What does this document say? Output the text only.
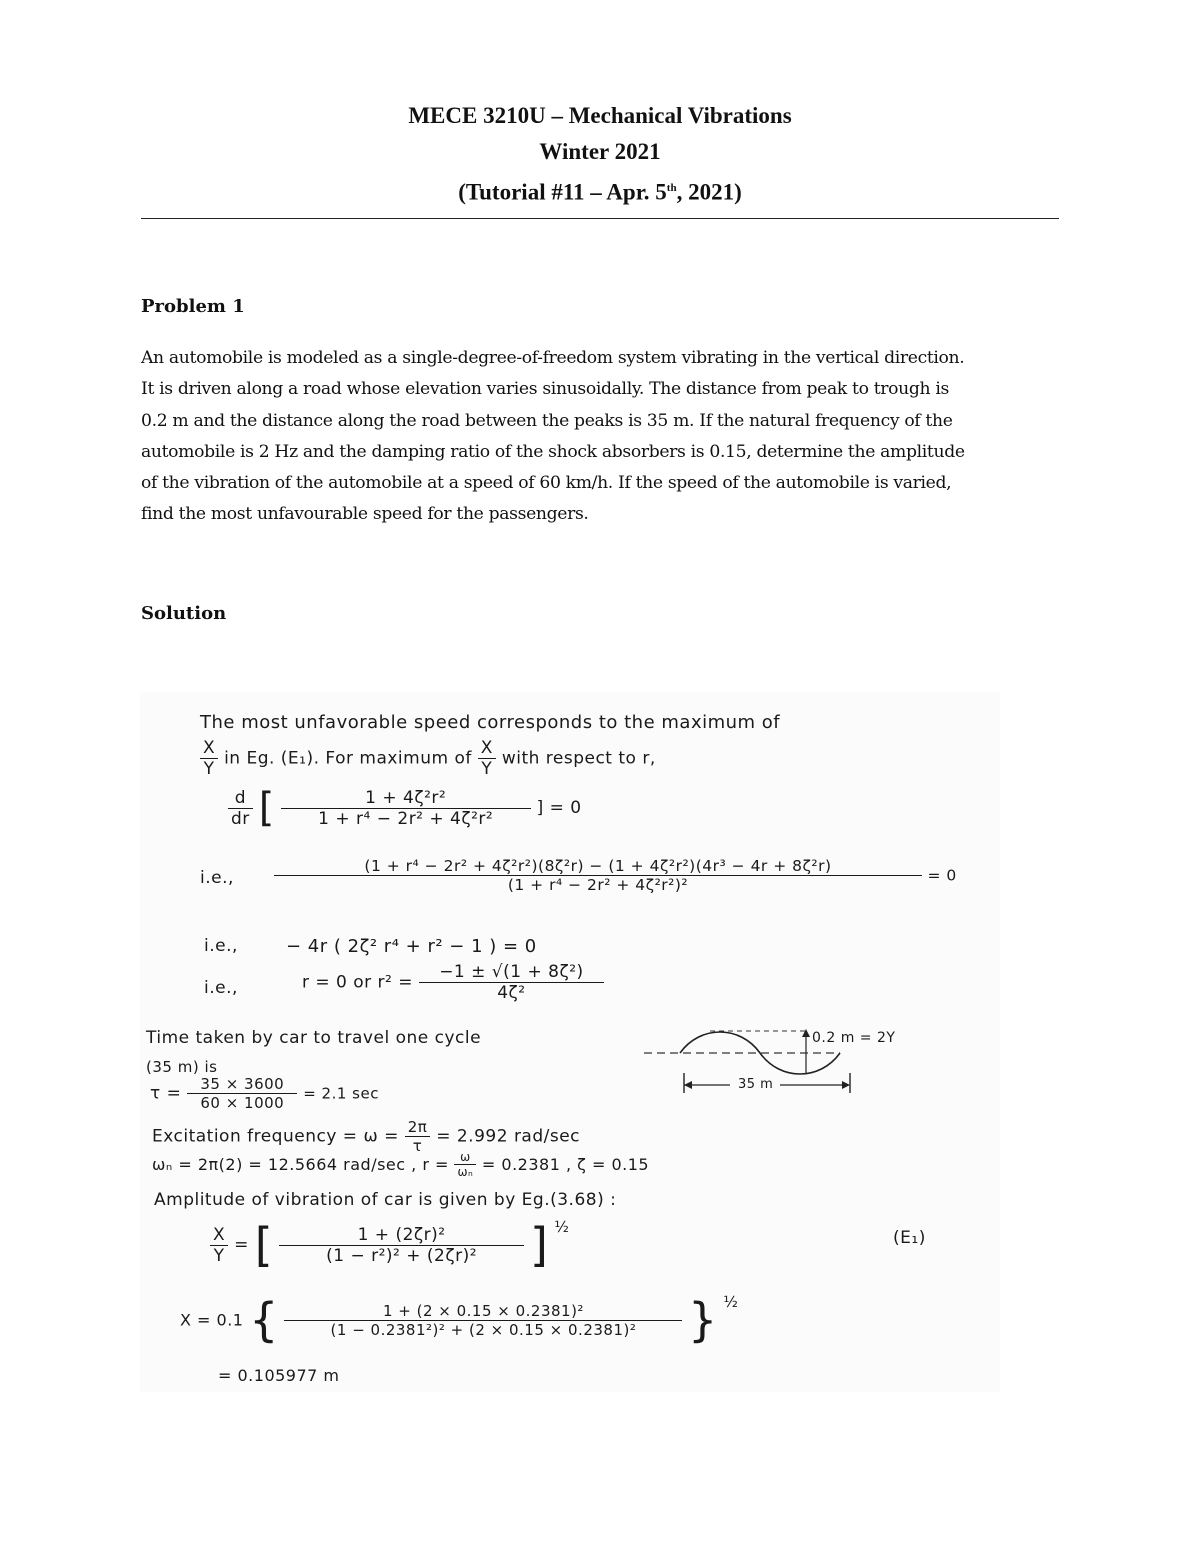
MECE 3210U – Mechanical Vibrations
Winter 2021
(Tutorial #11 – Apr. 5th, 2021)
Problem 1
An automobile is modeled as a single-degree-of-freedom system vibrating in the vertical direction.
It is driven along a road whose elevation varies sinusoidally. The distance from peak to trough is
0.2 m and the distance along the road between the peaks is 35 m. If the natural frequency of the
automobile is 2 Hz and the damping ratio of the shock absorbers is 0.15, determine the amplitude
of the vibration of the automobile at a speed of 60 km/h. If the speed of the automobile is varied,
find the most unfavourable speed for the passengers.
Solution
The most unfavorable speed corresponds to the maximum of
$\frac{X}{Y}$ in Eg. (E₁). For maximum of $\frac{X}{Y}$ with respect to r,
$\frac{d}{dr}$ [ $\frac{\text{1 + 4ζ²r²}}{\text{1 + r⁴ − 2r² + 4ζ²r²}}$ ] = 0
i.e.,	$\frac{\text{(1 + r⁴ − 2r² + 4ζ²r²)(8ζ²r) − (1 + 4ζ²r²)(4r³ − 4r + 8ζ²r)}}{\text{(1 + r⁴ − 2r² + 4ζ²r²)²}} = 0$
i.e.,	− 4r ( 2ζ² r⁴ + r² − 1 ) = 0
i.e.,	r = 0 or $r^2 = \frac{\text{−1 ± √(1 + 8ζ²)}}{\text{4ζ²}}$
Time taken by car to travel one cycle
(35 m) is
$\tau = \frac{35 \times 3600}{60 \times 1000} = 2.1$ sec
0.2 m = 2Y
35 m
Excitation frequency = $\omega = \frac{2\pi}{\tau} = 2.992$ rad/sec
ωₙ = 2π(2) = 12.5664 rad/sec , $r = \frac{\omega}{\text{ωₙ}} = 0.2381$ , ζ = 0.15
Amplitude of vibration of car is given by Eg.(3.68) :
$\frac{X}{Y}$ = [ $\frac{\text{1 + (2ζr)²}}{\text{(1 − r²)² + (2ζr)²}}$ ] ½
(E₁)
X = 0.1 { $\frac{\text{1 + (2 × 0.15 × 0.2381)²}}{\text{(1 − 0.2381²)² + (2 × 0.15 × 0.2381)²}}$ } ½
= 0.105977 m
